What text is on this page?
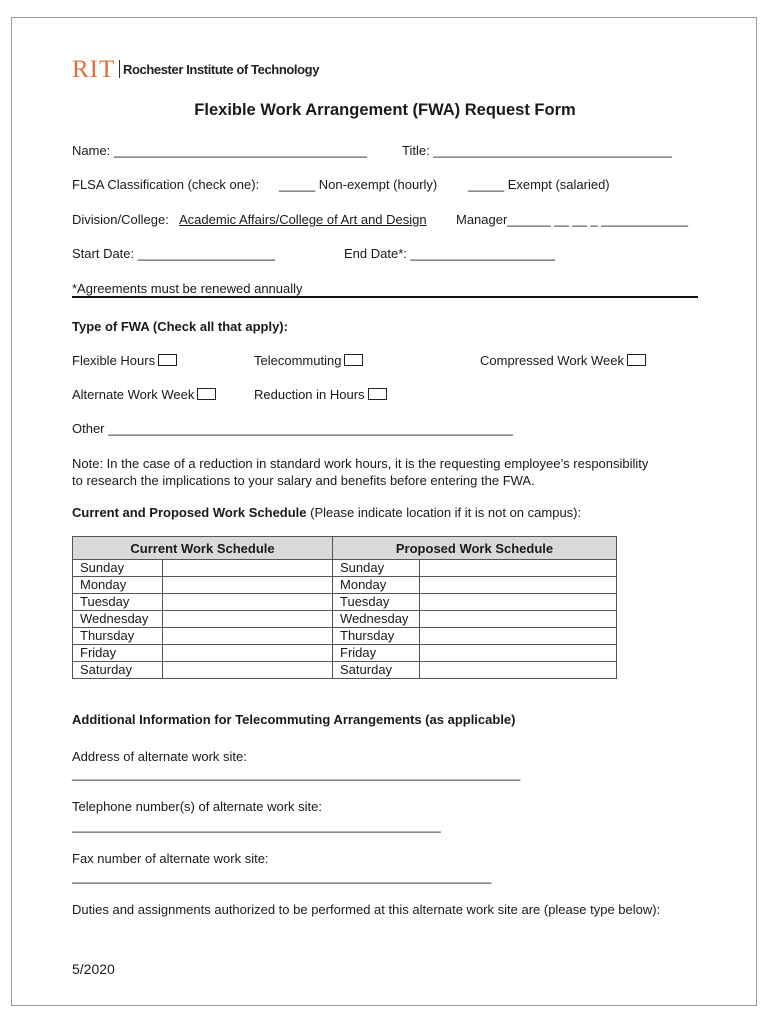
RIT Rochester Institute of Technology
Flexible Work Arrangement (FWA) Request Form
Name: ___________________________________	Title: _________________________________
FLSA Classification (check one): _____ Non-exempt (hourly) _____ Exempt (salaried)
Division/College: Academic Affairs/College of Art and Design Manager______ __ __ _ ____________
Start Date: ___________________	End Date*: ____________________
*Agreements must be renewed annually
Type of FWA (Check all that apply):
Flexible Hours	Telecommuting	Compressed Work Week
Alternate Work Week	Reduction in Hours
Other ________________________________________________________
Note: In the case of a reduction in standard work hours, it is the requesting employee’s responsibility
to research the implications to your salary and benefits before entering the FWA.
Current and Proposed Work Schedule (Please indicate location if it is not on campus):
Current Work Schedule		Proposed Work Schedule	
Sunday		Sunday	
Monday		Monday	
Tuesday		Tuesday	
Wednesday		Wednesday	
Thursday		Thursday	
Friday		Friday	
Saturday		Saturday	
Additional Information for Telecommuting Arrangements (as applicable)
Address of alternate work site:
______________________________________________________________
Telephone number(s) of alternate work site:
___________________________________________________
Fax number of alternate work site:
__________________________________________________________
Duties and assignments authorized to be performed at this alternate work site are (please type below):
5/2020
